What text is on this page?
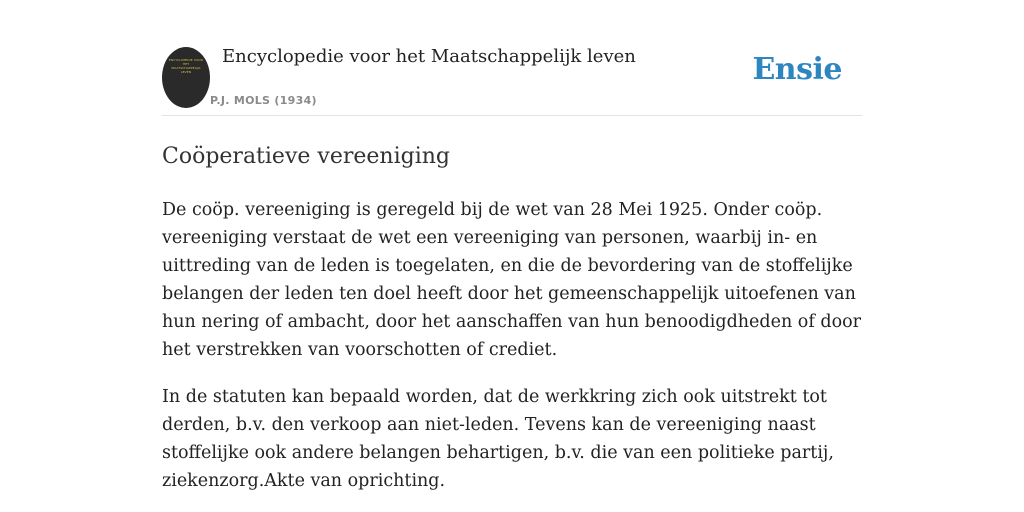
ENCYCLOPEDIE VOOR HET MAATSCHAPPELIJK LEVEN
Encyclopedie voor het Maatschappelijk leven
P.J. MOLS (1934)
Ensie
Coöperatieve vereeniging

De coöp. vereeniging is geregeld bij de wet van 28 Mei 1925. Onder coöp. vereeniging verstaat de wet een vereeniging van personen, waarbij in- en uittreding van de leden is toegelaten, en die de bevordering van de stoffelijke belangen der leden ten doel heeft door het gemeenschappelijk uitoefenen van hun nering of ambacht, door het aanschaffen van hun benoodigdheden of door het verstrekken van voorschotten of crediet.

In de statuten kan bepaald worden, dat de werkkring zich ook uitstrekt tot derden, b.v. den verkoop aan niet-leden. Tevens kan de vereeniging naast stoffelijke ook andere belangen behartigen, b.v. die van een politieke partij, ziekenzorg.Akte van oprichting.
